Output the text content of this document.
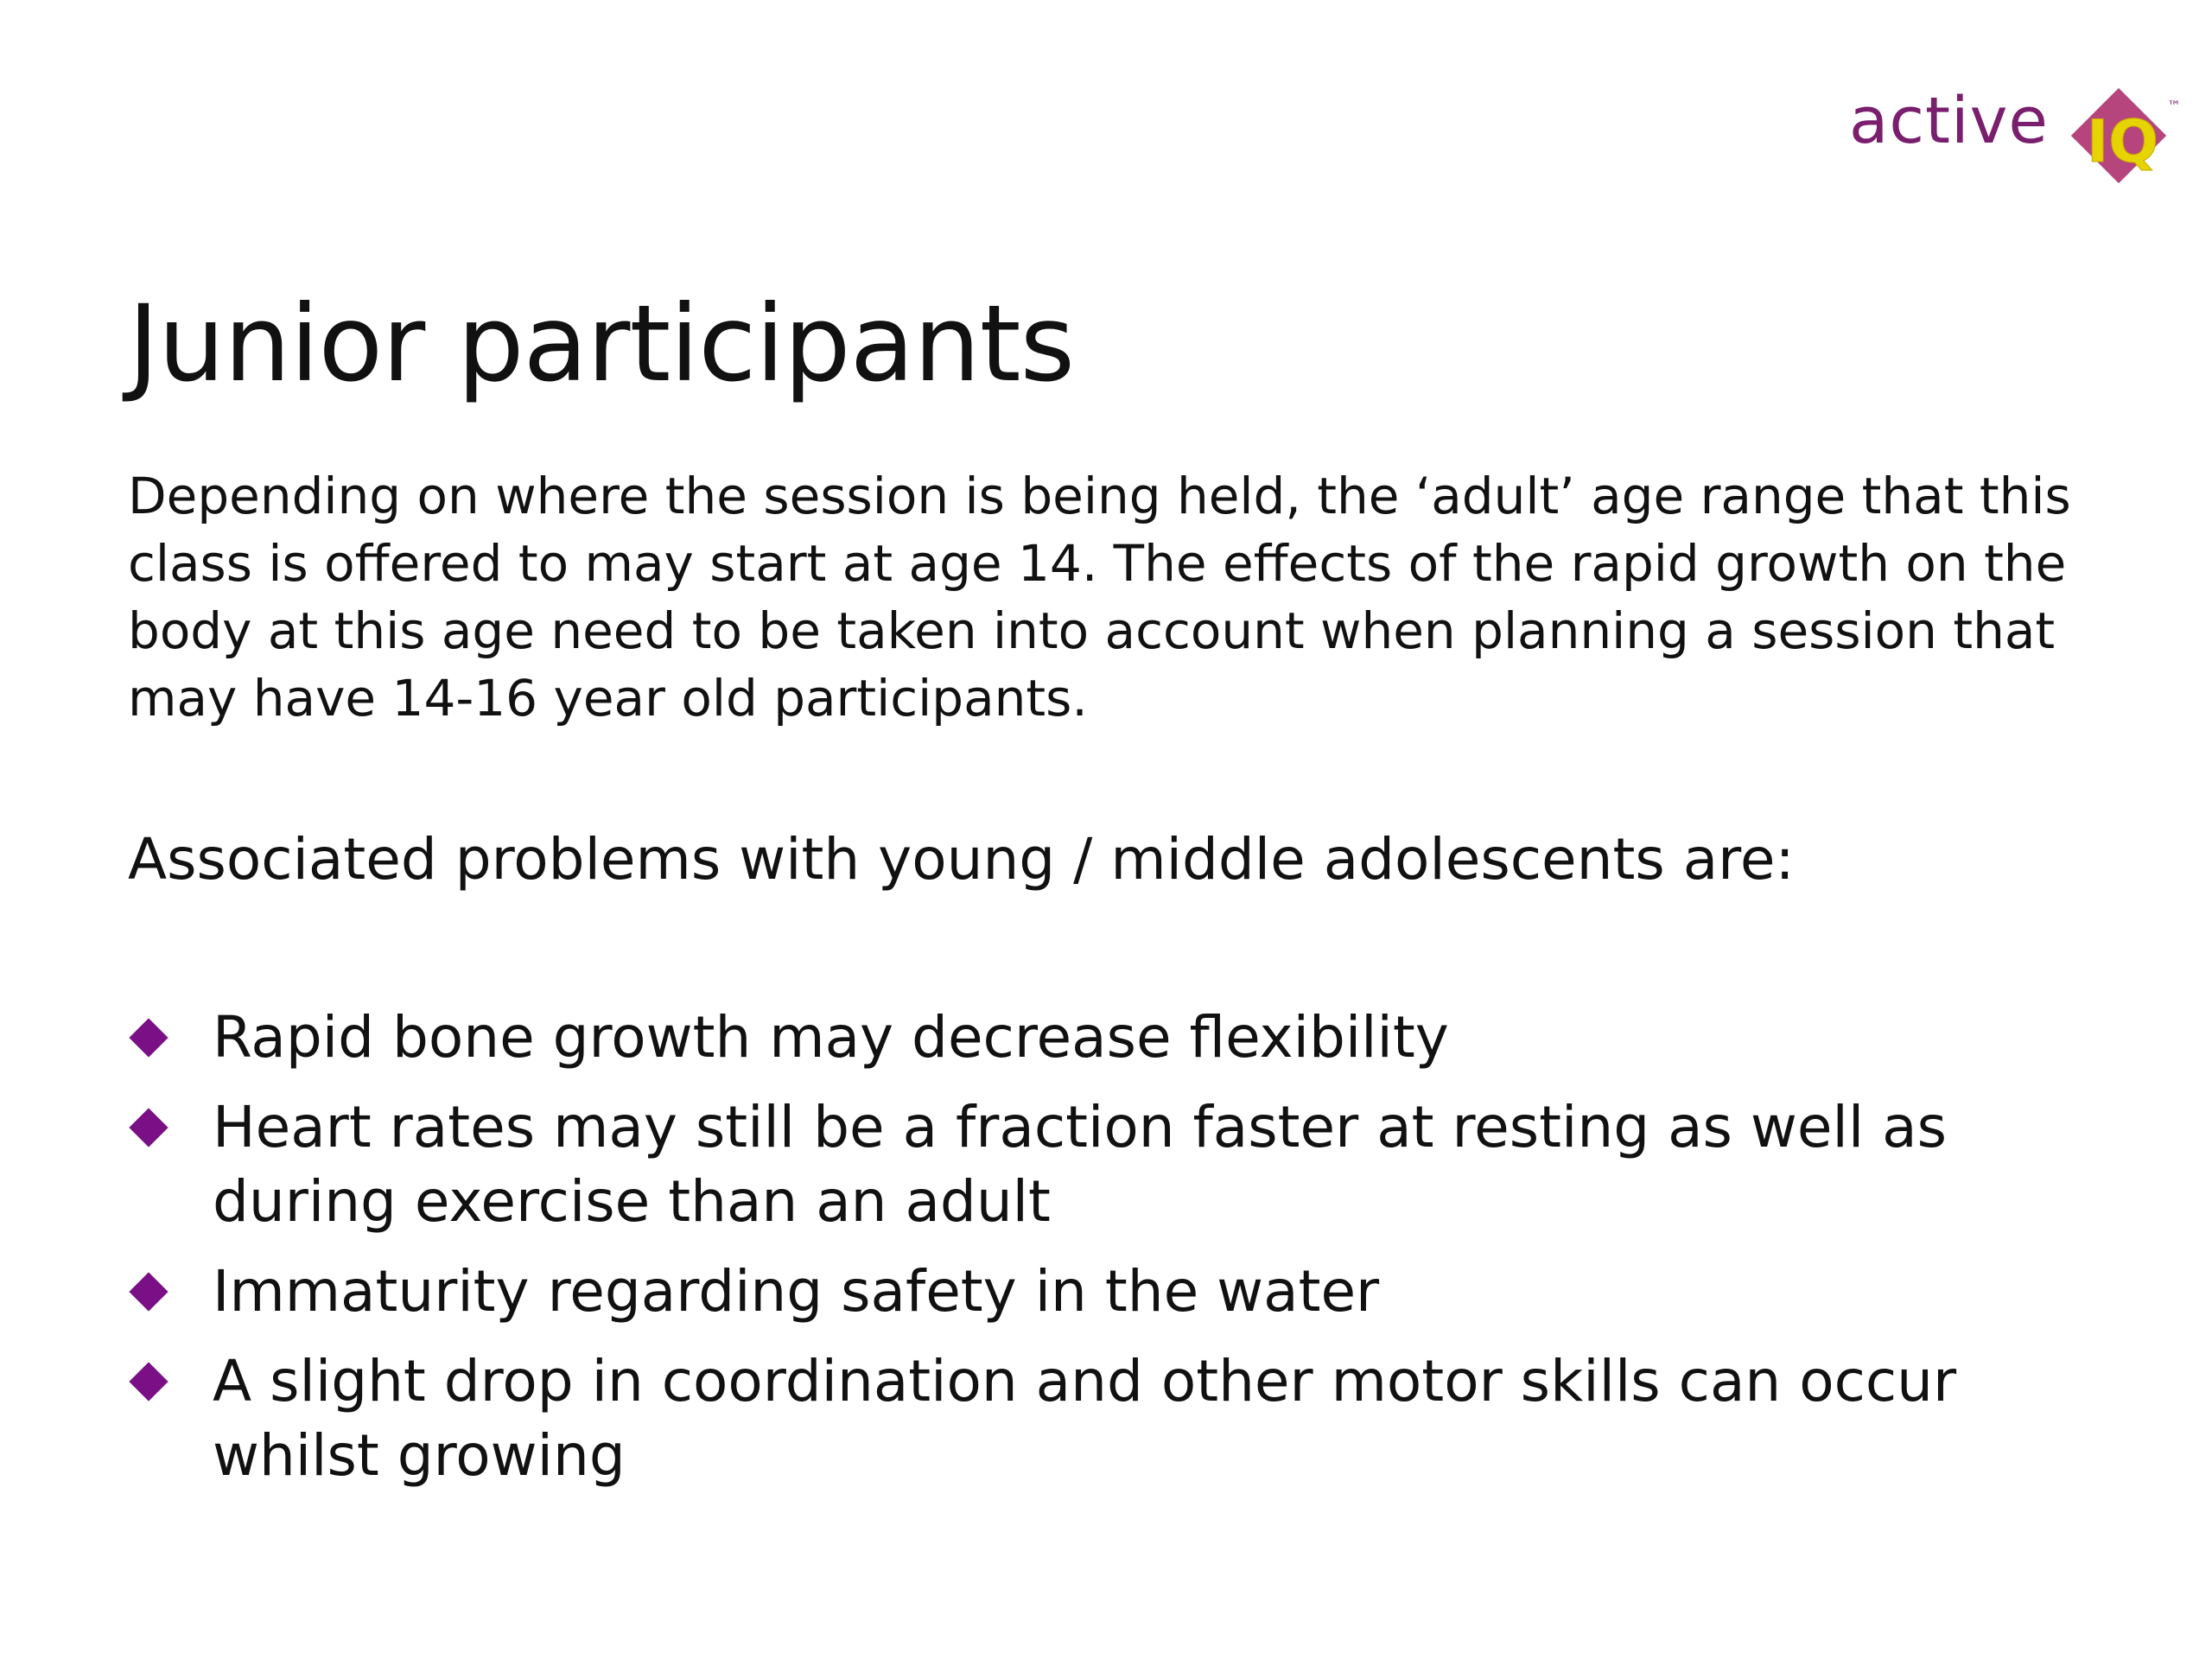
active IQ
™
Junior participants

Depending on where the session is being held, the ‘adult’ age range that this class is offered to may start at age 14. The effects of the rapid growth on the body at this age need to be taken into account when planning a session that may have 14-16 year old participants.

Associated problems with young / middle adolescents are:

Rapid bone growth may decrease flexibility
Heart rates may still be a fraction faster at resting as well as during exercise than an adult
Immaturity regarding safety in the water
A slight drop in coordination and other motor skills can occur whilst growing
